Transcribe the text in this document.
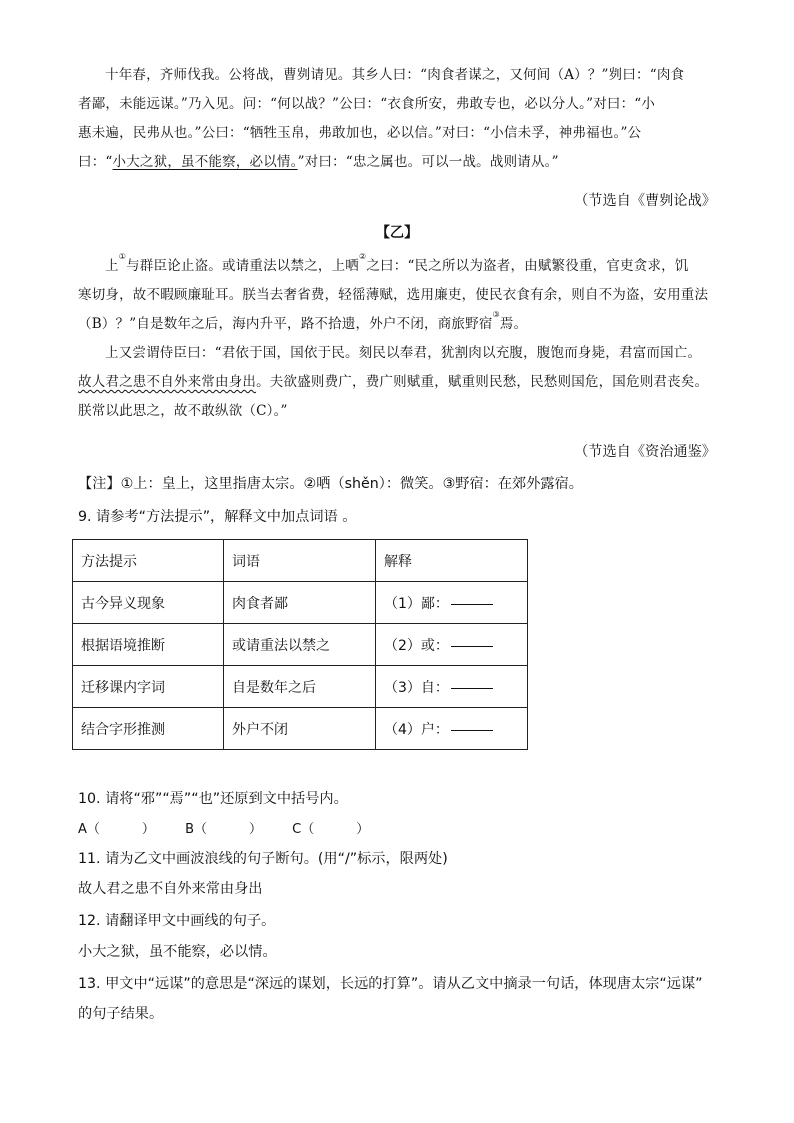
十年春，齐师伐我。公将战，曹刿请见。其乡人曰：“肉食者谋之，又何间（A）？”刿曰：“肉食
者鄙，未能远谋。”乃入见。问：“何以战？”公曰：“衣食所安，弗敢专也，必以分人。”对曰：“小
惠未遍，民弗从也。”公曰：“牺牲玉帛，弗敢加也，必以信。”对曰：“小信未孚，神弗福也。”公
曰：“小大之狱，虽不能察，必以情。”对曰：“忠之属也。可以一战。战则请从。”
（节选自《曹刿论战》
【乙】
上①与群臣论止盗。或请重法以禁之，上哂②之曰：“民之所以为盗者，由赋繁役重，官吏贪求，饥
寒切身，故不暇顾廉耻耳。朕当去奢省费，轻徭薄赋，选用廉吏，使民衣食有余，则自不为盗，安用重法
（B）？”自是数年之后，海内升平，路不拾遗，外户不闭，商旅野宿③焉。
上又尝谓侍臣曰：“君依于国，国依于民。刻民以奉君，犹割肉以充腹，腹饱而身毙，君富而国亡。
故人君之患不自外来常由身出。夫欲盛则费广，费广则赋重，赋重则民愁，民愁则国危，国危则君丧矣。
朕常以此思之，故不敢纵欲（C）。”
（节选自《资治通鉴》
【注】①上：皇上，这里指唐太宗。②哂（shěn）：微笑。③野宿：在郊外露宿。
9. 请参考“方法提示”，解释文中加点词语 。
方法提示	词语	解释
古今异义现象	肉食者鄙	（1）鄙：
根据语境推断	或请重法以禁之	（2）或：
迁移课内字词	自是数年之后	（3）自：
结合字形推测	外户不闭	（4）户：
10. 请将“邪”“焉”“也”还原到文中括号内。
A（	） B（	） C（	）
11. 请为乙文中画波浪线的句子断句。(用“/”标示，限两处)
故人君之患不自外来常由身出
12. 请翻译甲文中画线的句子。
小大之狱，虽不能察，必以情。
13. 甲文中“远谋”的意思是“深远的谋划，长远的打算”。请从乙文中摘录一句话，体现唐太宗“远谋”
的句子结果。
